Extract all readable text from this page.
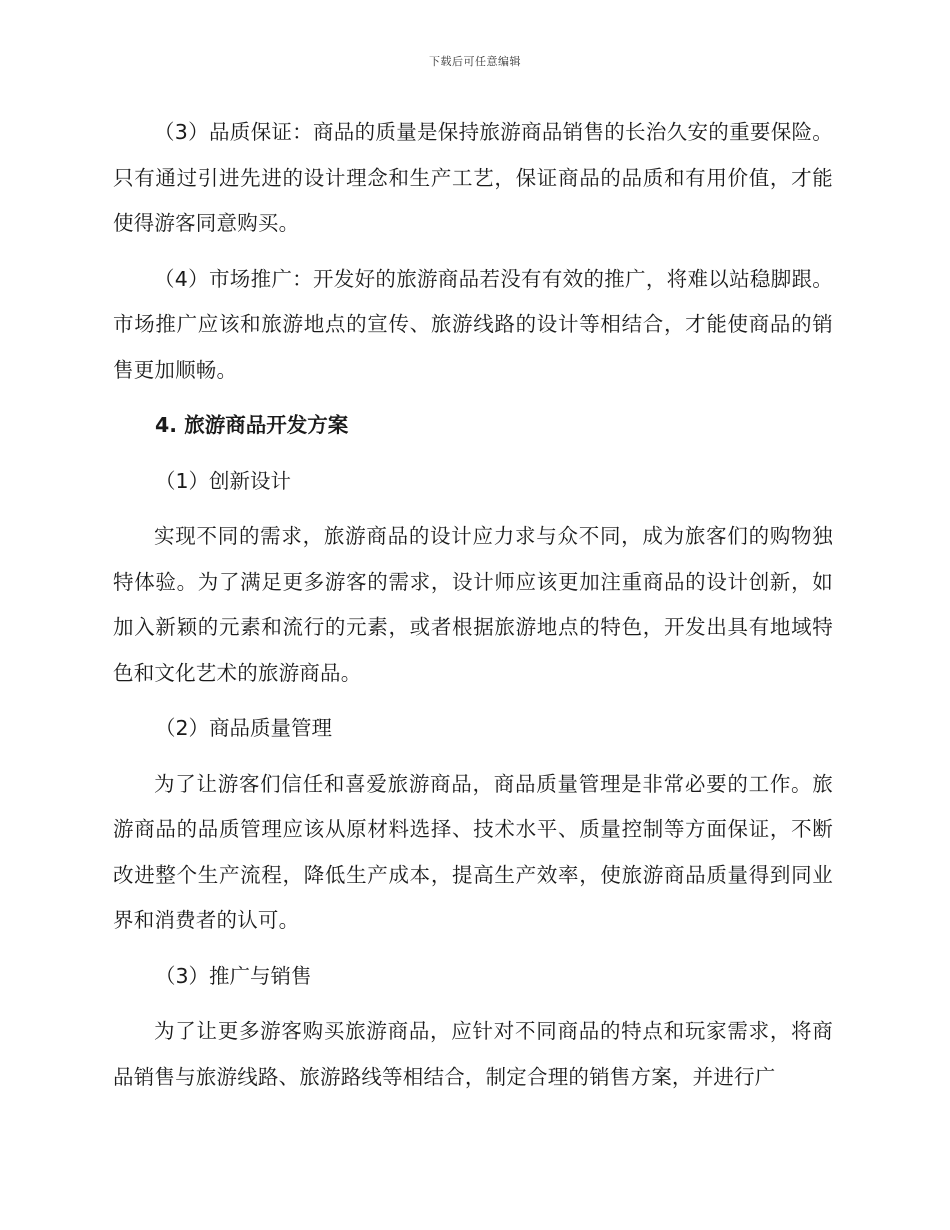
下载后可任意编辑

（3）品质保证：商品的质量是保持旅游商品销售的长治久安的重要保险。只有通过引进先进的设计理念和生产工艺，保证商品的品质和有用价值，才能使得游客同意购买。

（4）市场推广：开发好的旅游商品若没有有效的推广，将难以站稳脚跟。市场推广应该和旅游地点的宣传、旅游线路的设计等相结合，才能使商品的销售更加顺畅。

4. 旅游商品开发方案
（1）创新设计

实现不同的需求，旅游商品的设计应力求与众不同，成为旅客们的购物独特体验。为了满足更多游客的需求，设计师应该更加注重商品的设计创新，如加入新颖的元素和流行的元素，或者根据旅游地点的特色，开发出具有地域特色和文化艺术的旅游商品。

（2）商品质量管理

为了让游客们信任和喜爱旅游商品，商品质量管理是非常必要的工作。旅游商品的品质管理应该从原材料选择、技术水平、质量控制等方面保证，不断改进整个生产流程，降低生产成本，提高生产效率，使旅游商品质量得到同业界和消费者的认可。

（3）推广与销售

为了让更多游客购买旅游商品，应针对不同商品的特点和玩家需求，将商品销售与旅游线路、旅游路线等相结合，制定合理的销售方案，并进行广
